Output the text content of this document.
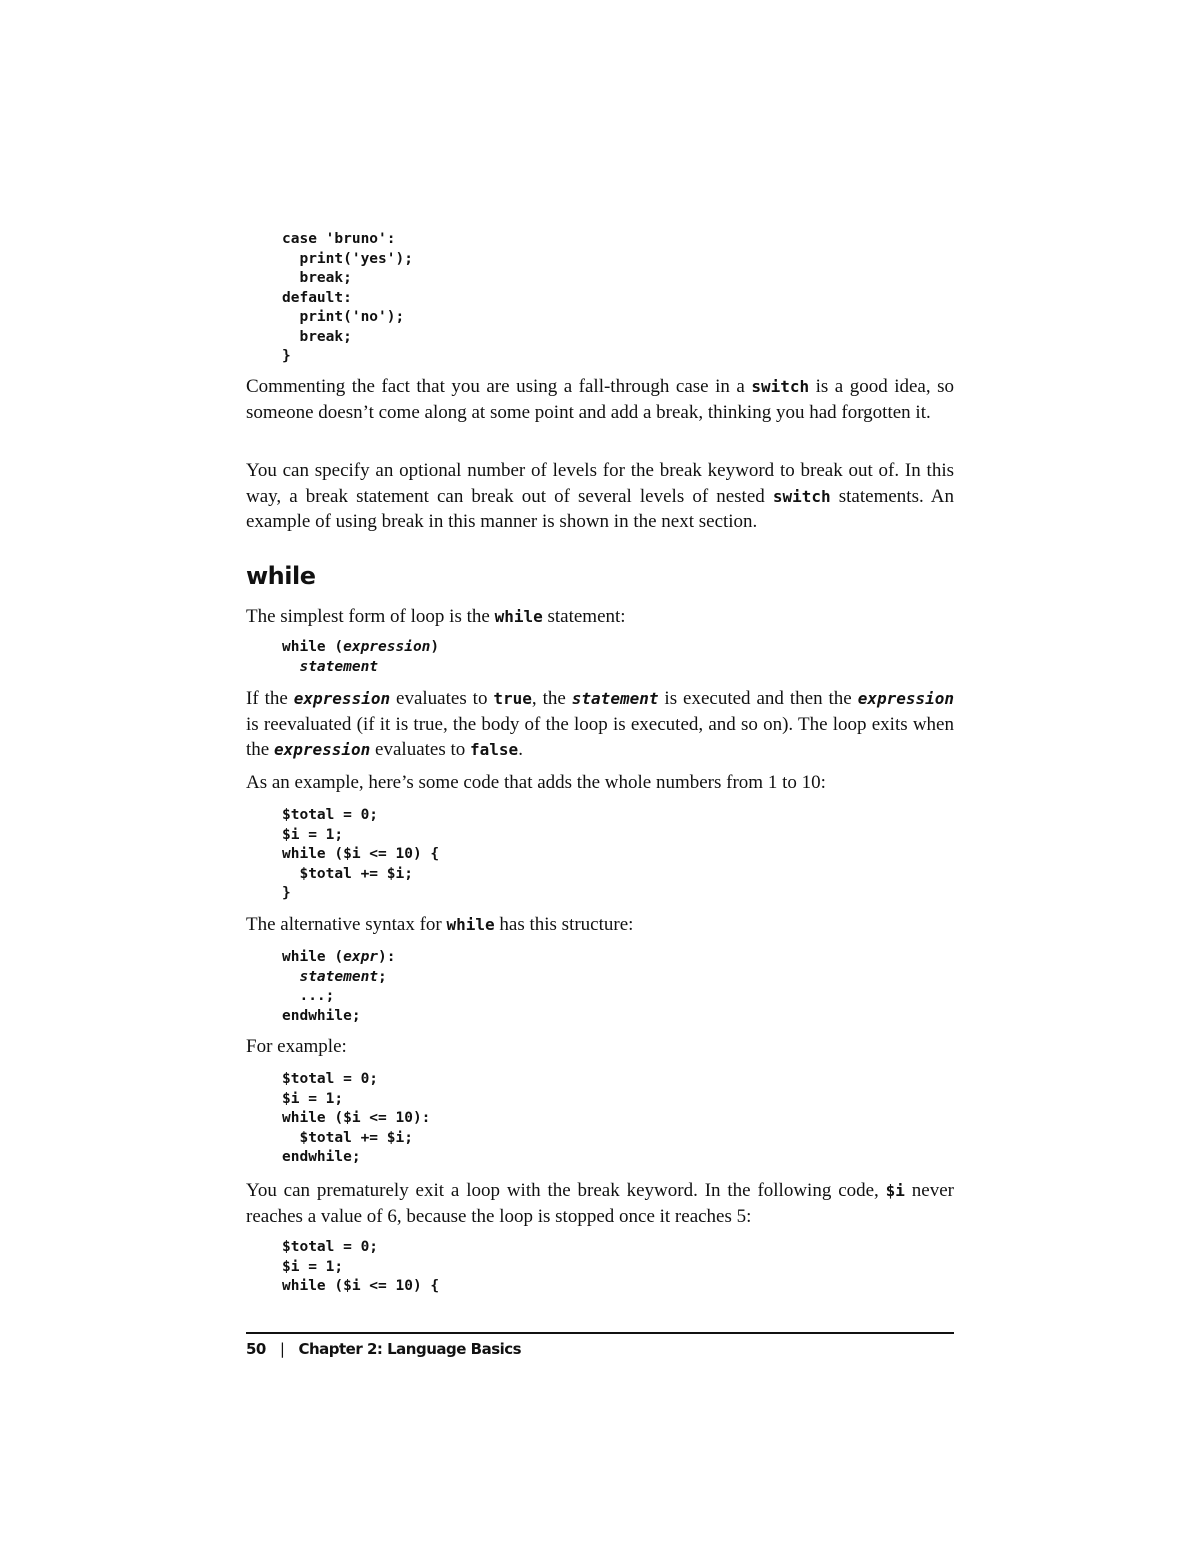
case 'bruno':
print('yes');
break;
default:
print('no');
break;
}

Commenting the fact that you are using a fall-through case in a switch is a good idea, so someone doesn’t come along at some point and add a break, thinking you had forgotten it.

You can specify an optional number of levels for the break keyword to break out of. In this way, a break statement can break out of several levels of nested switch statements. An example of using break in this manner is shown in the next section.

while

The simplest form of loop is the while statement:

while (expression)
statement

If the expression evaluates to true, the statement is executed and then the expression is reevaluated (if it is true, the body of the loop is executed, and so on). The loop exits when the expression evaluates to false.

As an example, here’s some code that adds the whole numbers from 1 to 10:

$total = 0;
$i = 1;
while ($i <= 10) {
$total += $i;
}

The alternative syntax for while has this structure:

while (expr):
statement;
...;
endwhile;

For example:

$total = 0;
$i = 1;
while ($i <= 10):
$total += $i;
endwhile;

You can prematurely exit a loop with the break keyword. In the following code, $i never reaches a value of 6, because the loop is stopped once it reaches 5:

$total = 0;
$i = 1;
while ($i <= 10) {
50 | Chapter 2: Language Basics
